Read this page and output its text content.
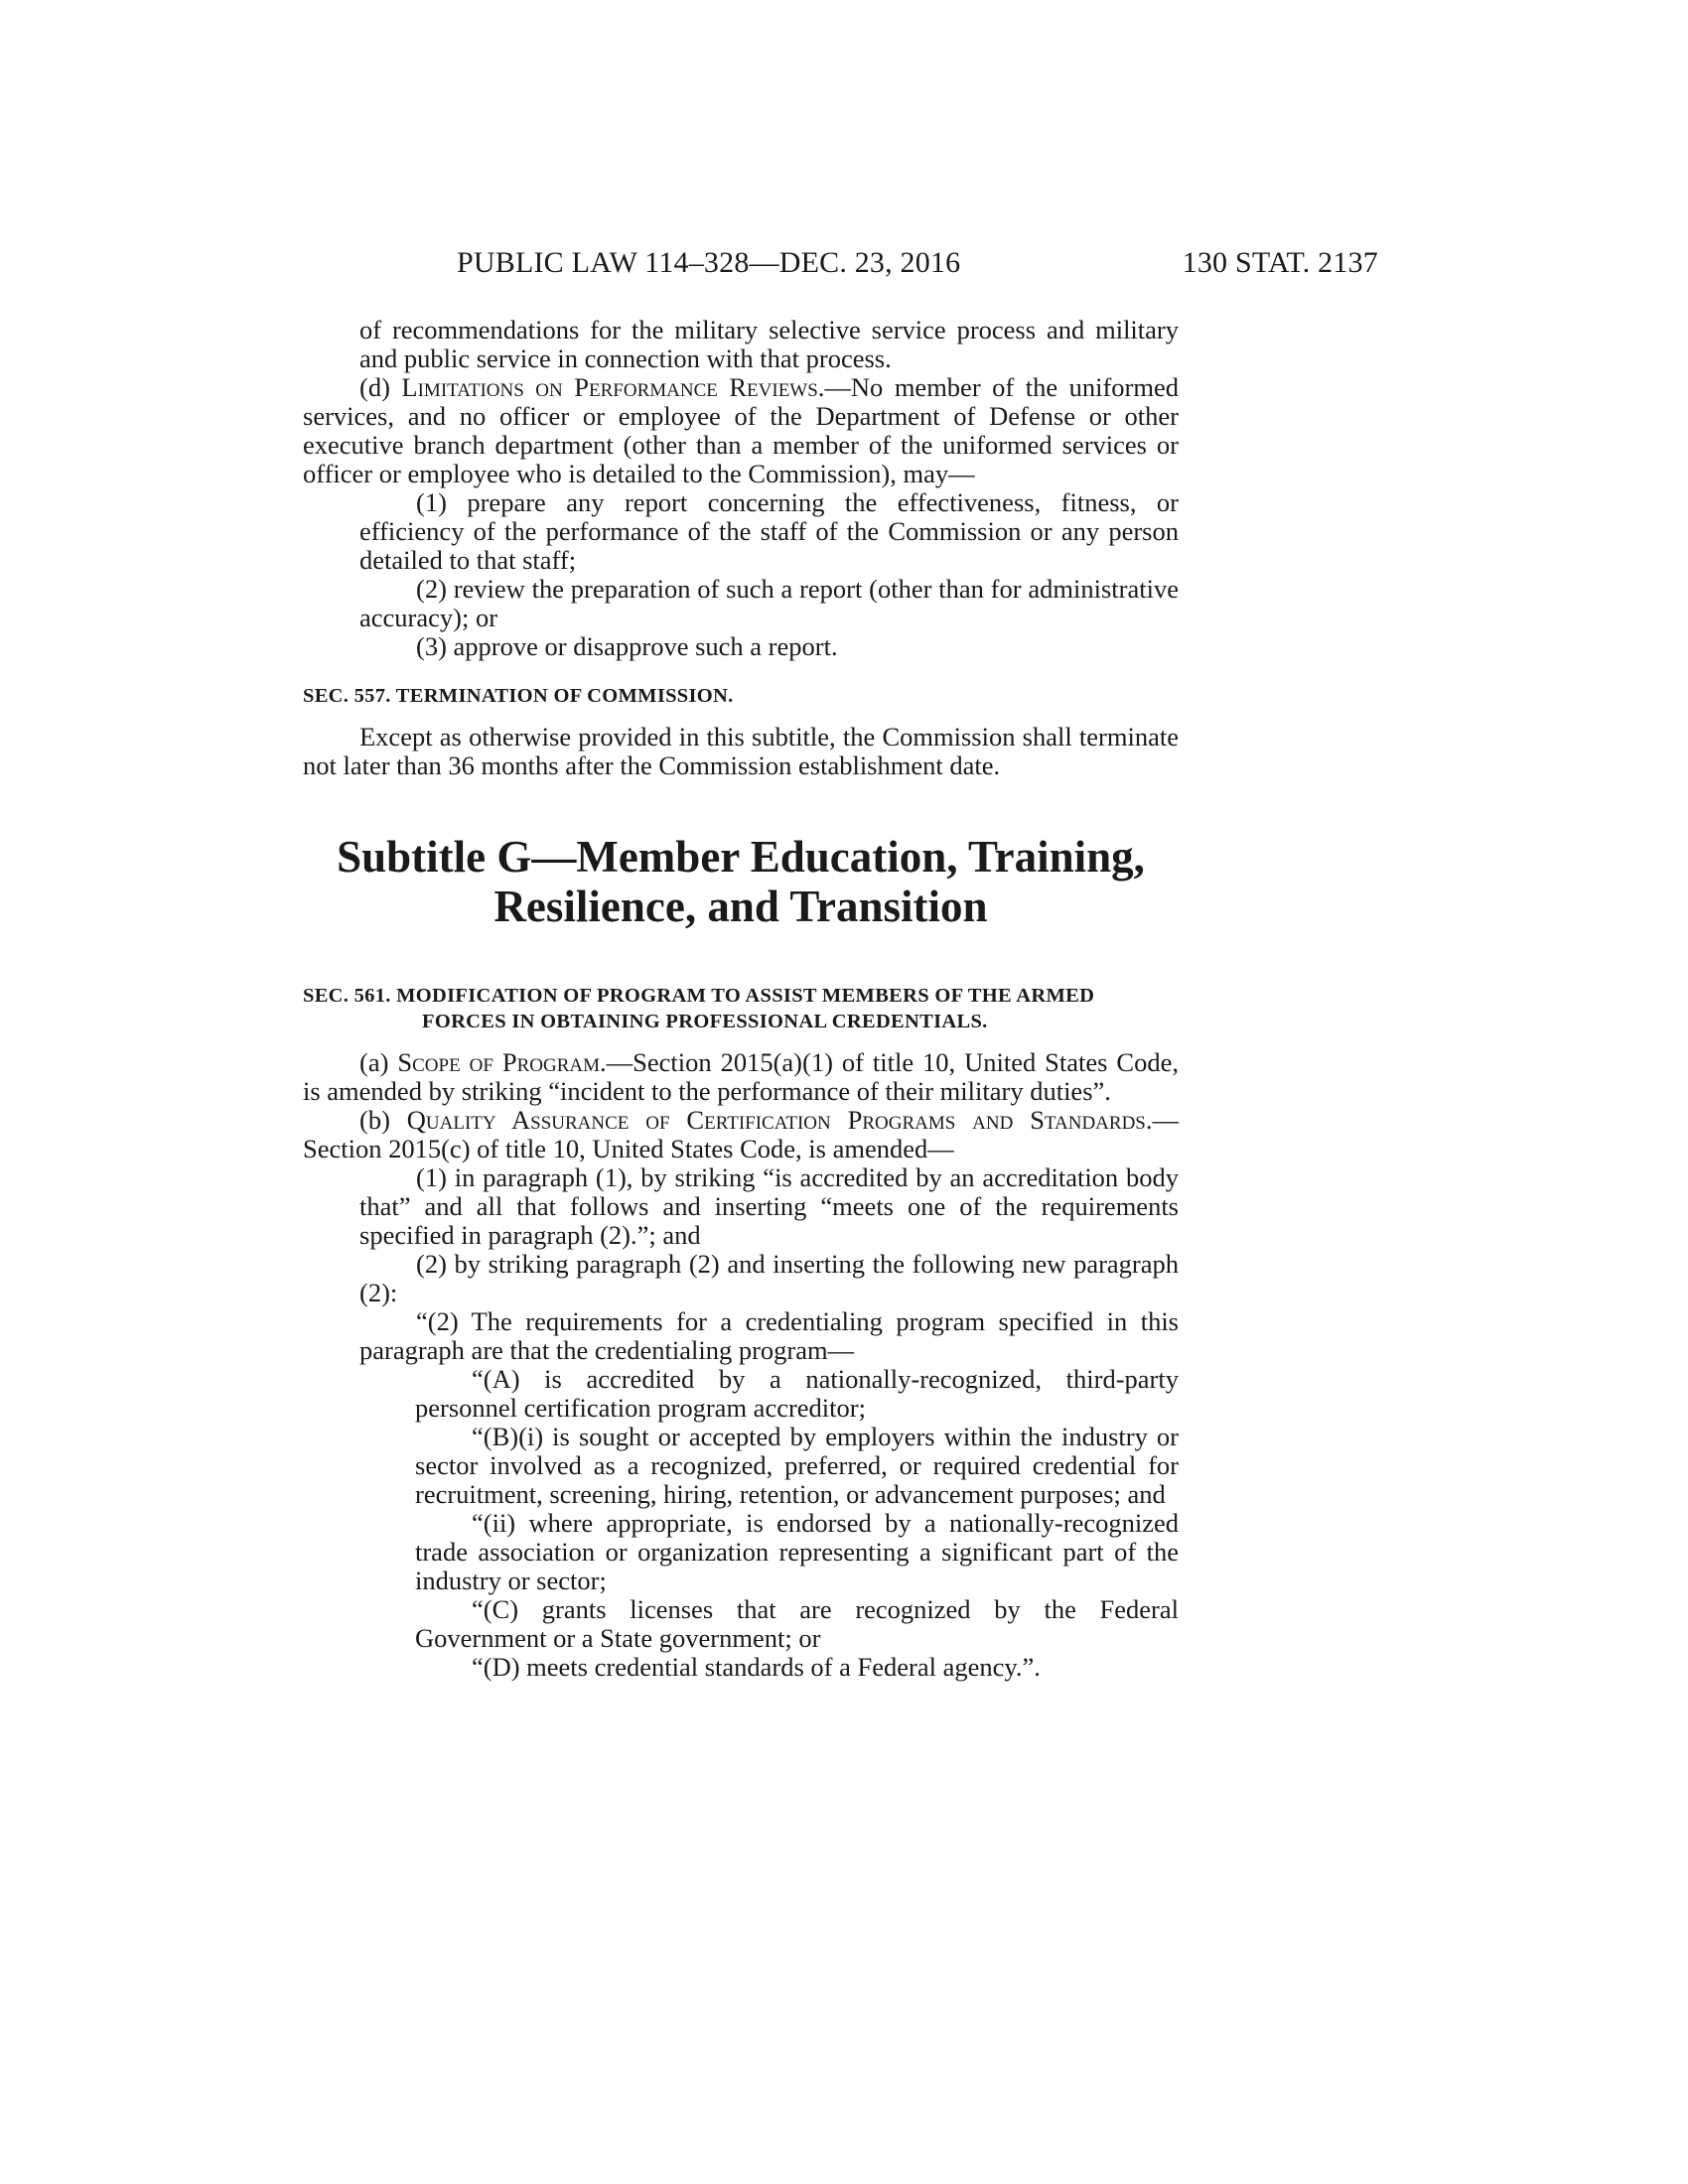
PUBLIC LAW 114–328—DEC. 23, 2016	130 STAT. 2137

of recommendations for the military selective service process and military and public service in connection with that process.

(d) Limitations on Performance Reviews.—No member of the uniformed services, and no officer or employee of the Department of Defense or other executive branch department (other than a member of the uniformed services or officer or employee who is detailed to the Commission), may—

(1) prepare any report concerning the effectiveness, fitness, or efficiency of the performance of the staff of the Commission or any person detailed to that staff;

(2) review the preparation of such a report (other than for administrative accuracy); or

(3) approve or disapprove such a report.

SEC. 557. TERMINATION OF COMMISSION.

Except as otherwise provided in this subtitle, the Commission shall terminate not later than 36 months after the Commission establishment date.

Subtitle G—Member Education, Training,

Resilience, and Transition

SEC. 561. MODIFICATION OF PROGRAM TO ASSIST MEMBERS OF THE ARMED FORCES IN OBTAINING PROFESSIONAL CREDENTIALS.

(a) Scope of Program.—Section 2015(a)(1) of title 10, United States Code, is amended by striking “incident to the performance of their military duties”.

(b) Quality Assurance of Certification Programs and Standards.—Section 2015(c) of title 10, United States Code, is amended—

(1) in paragraph (1), by striking “is accredited by an accreditation body that” and all that follows and inserting “meets one of the requirements specified in paragraph (2).”; and

(2) by striking paragraph (2) and inserting the following new paragraph (2):

“(2) The requirements for a credentialing program specified in this paragraph are that the credentialing program—

“(A) is accredited by a nationally-recognized, third-party personnel certification program accreditor;

“(B)(i) is sought or accepted by employers within the industry or sector involved as a recognized, preferred, or required credential for recruitment, screening, hiring, retention, or advancement purposes; and

“(ii) where appropriate, is endorsed by a nationally-recognized trade association or organization representing a significant part of the industry or sector;

“(C) grants licenses that are recognized by the Federal Government or a State government; or

“(D) meets credential standards of a Federal agency.”.
